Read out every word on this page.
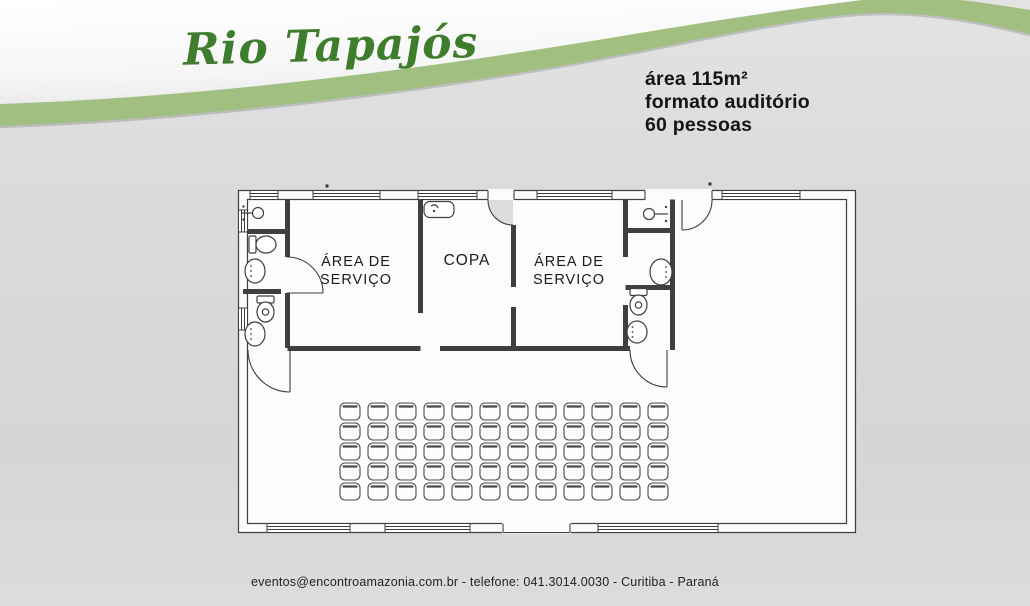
ÁREA DE
SERVIÇO
COPA	ÁREA DE
SERVIÇO
Rio Tapajós
área 115m²
formato auditório
60 pessoas
eventos@encontroamazonia.com.br - telefone: 041.3014.0030 - Curitiba - Paraná
